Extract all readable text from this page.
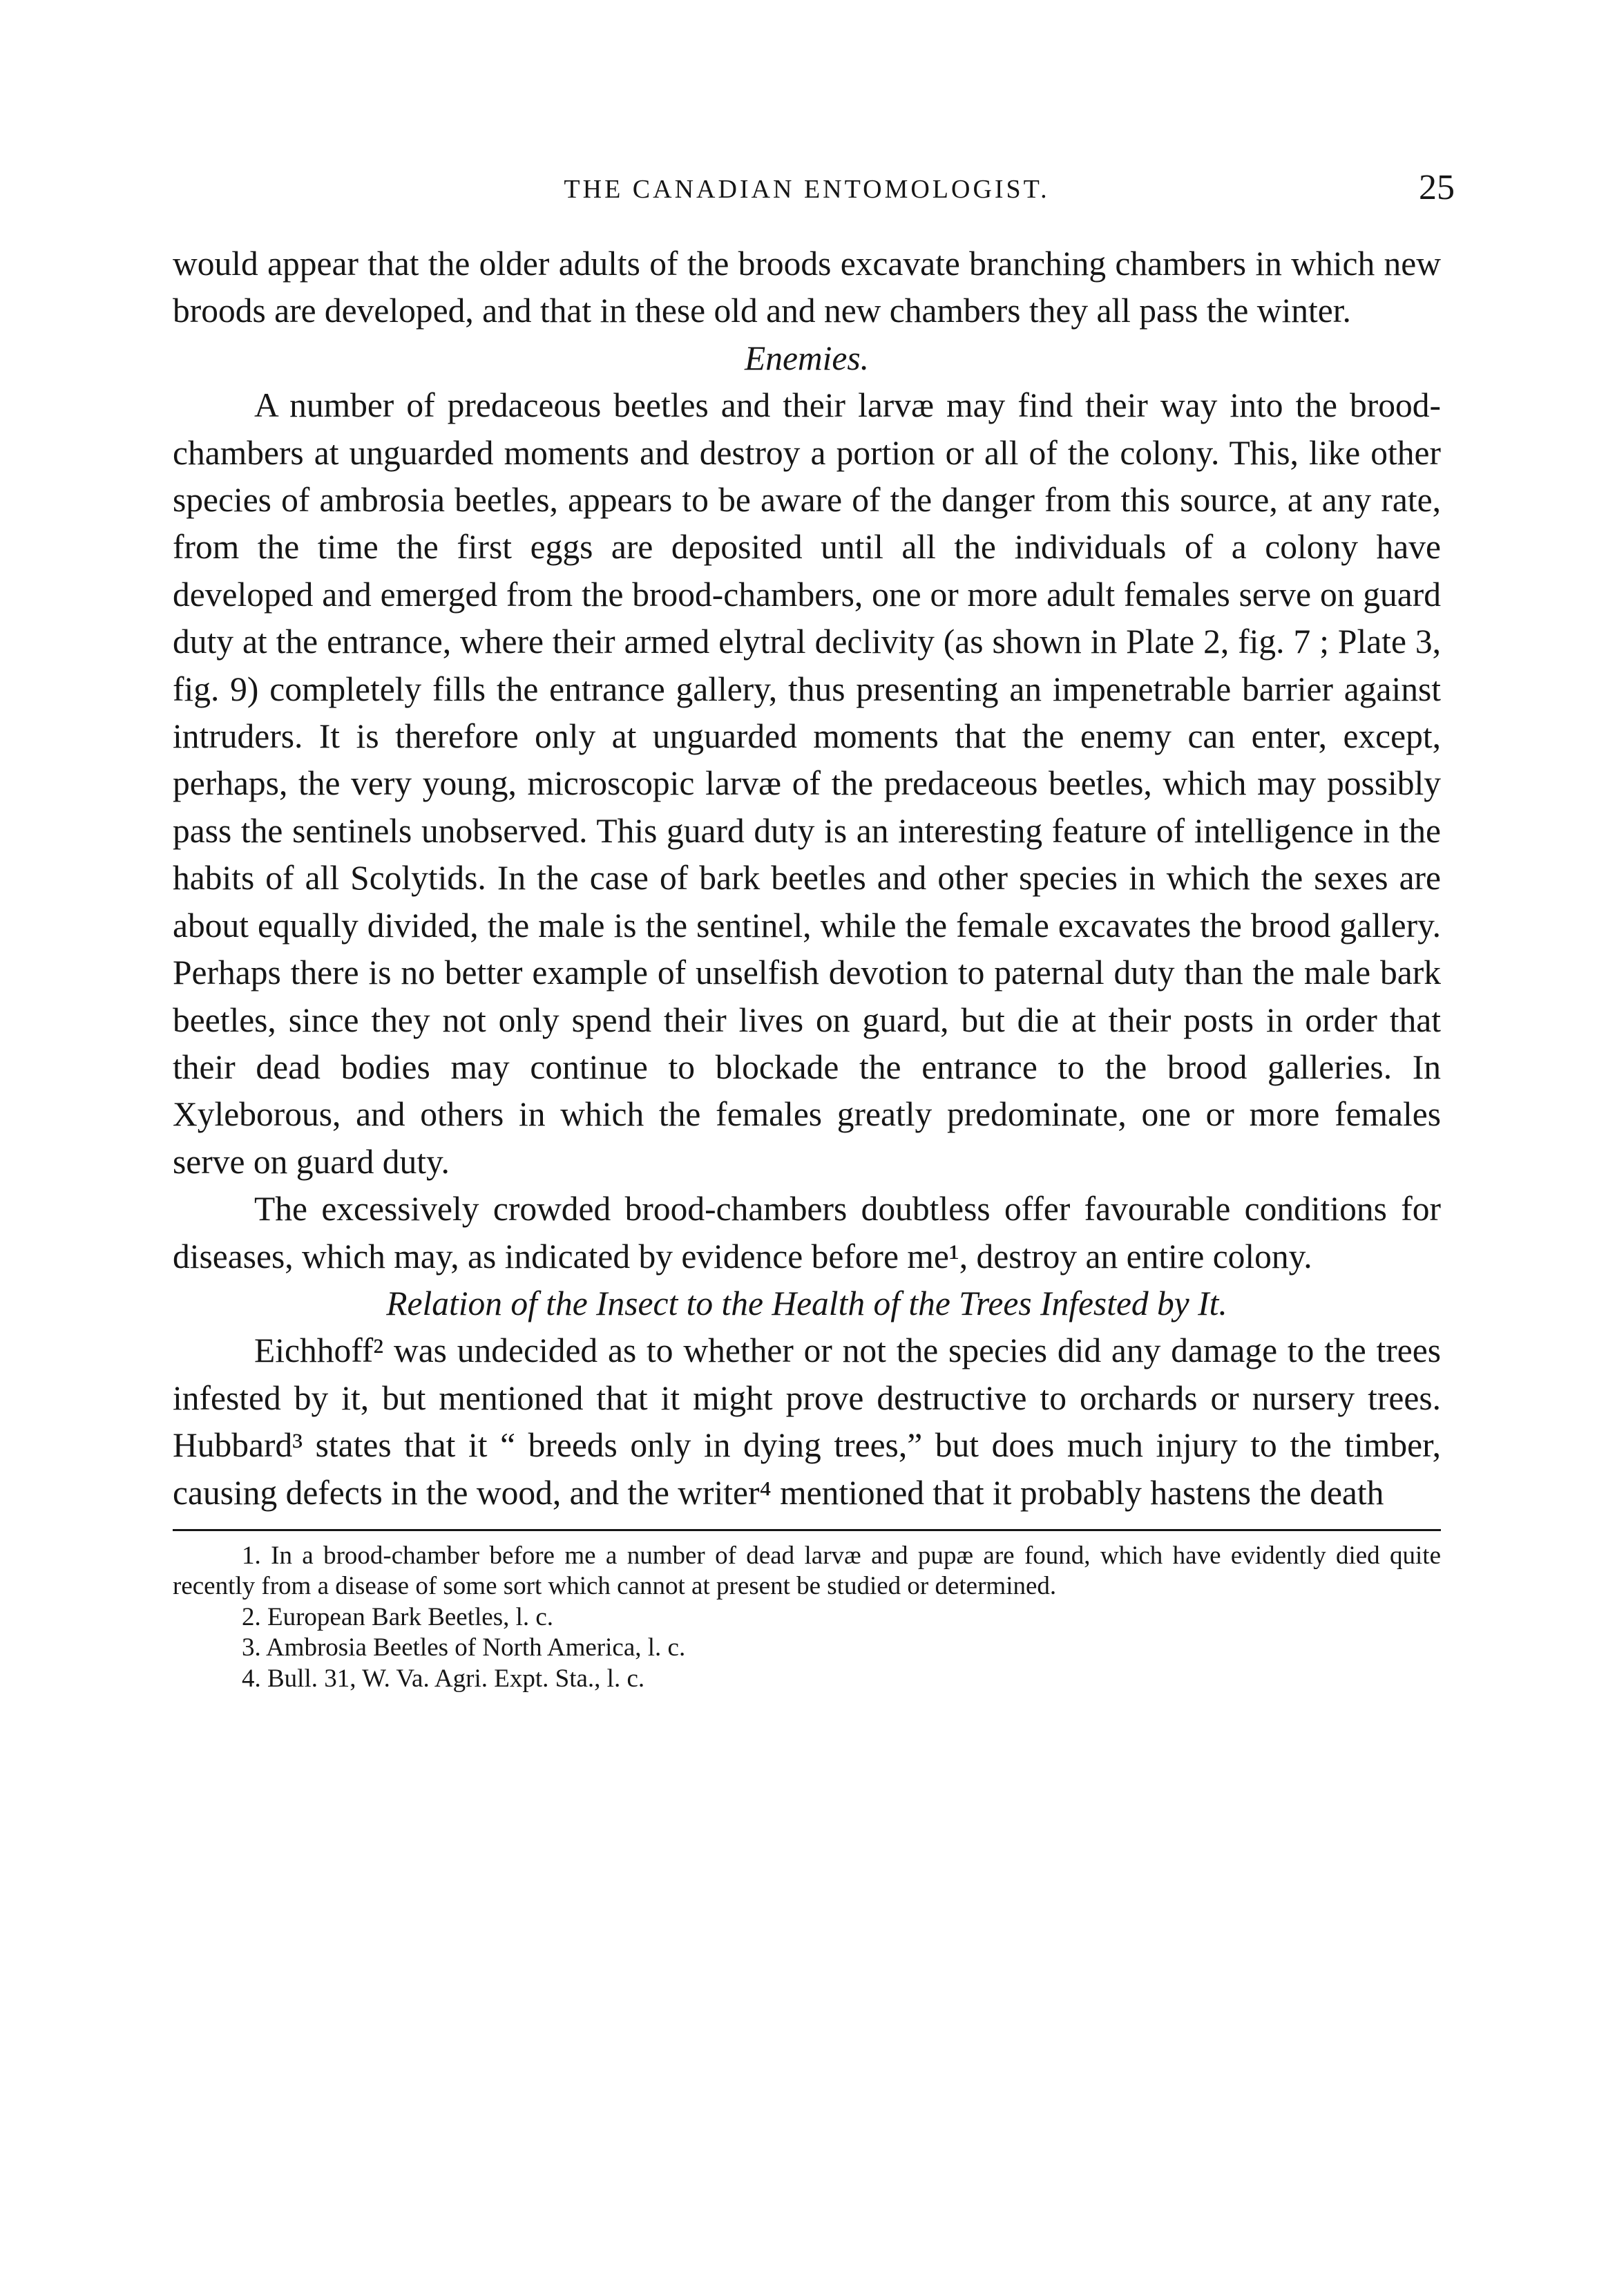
THE CANADIAN ENTOMOLOGIST.	25

would appear that the older adults of the broods excavate branching chambers in which new broods are developed, and that in these old and new chambers they all pass the winter.

Enemies.

A number of predaceous beetles and their larvæ may find their way into the brood-chambers at unguarded moments and destroy a portion or all of the colony. This, like other species of ambrosia beetles, appears to be aware of the danger from this source, at any rate, from the time the first eggs are deposited until all the individuals of a colony have developed and emerged from the brood-chambers, one or more adult females serve on guard duty at the entrance, where their armed elytral declivity (as shown in Plate 2, fig. 7 ; Plate 3, fig. 9) completely fills the entrance gallery, thus presenting an impenetrable barrier against intruders. It is therefore only at unguarded moments that the enemy can enter, except, perhaps, the very young, microscopic larvæ of the predaceous beetles, which may possibly pass the sentinels unobserved. This guard duty is an interesting feature of intelligence in the habits of all Scolytids. In the case of bark beetles and other species in which the sexes are about equally divided, the male is the sentinel, while the female excavates the brood gallery. Perhaps there is no better example of unselfish devotion to paternal duty than the male bark beetles, since they not only spend their lives on guard, but die at their posts in order that their dead bodies may continue to blockade the entrance to the brood galleries. In Xyleborous, and others in which the females greatly predominate, one or more females serve on guard duty.

The excessively crowded brood-chambers doubtless offer favourable conditions for diseases, which may, as indicated by evidence before me¹, destroy an entire colony.

Relation of the Insect to the Health of the Trees Infested by It.

Eichhoff² was undecided as to whether or not the species did any damage to the trees infested by it, but mentioned that it might prove destructive to orchards or nursery trees. Hubbard³ states that it “ breeds only in dying trees,” but does much injury to the timber, causing defects in the wood, and the writer⁴ mentioned that it probably hastens the death

1. In a brood-chamber before me a number of dead larvæ and pupæ are found, which have evidently died quite recently from a disease of some sort which cannot at present be studied or determined.

2. European Bark Beetles, l. c.

3. Ambrosia Beetles of North America, l. c.

4. Bull. 31, W. Va. Agri. Expt. Sta., l. c.
